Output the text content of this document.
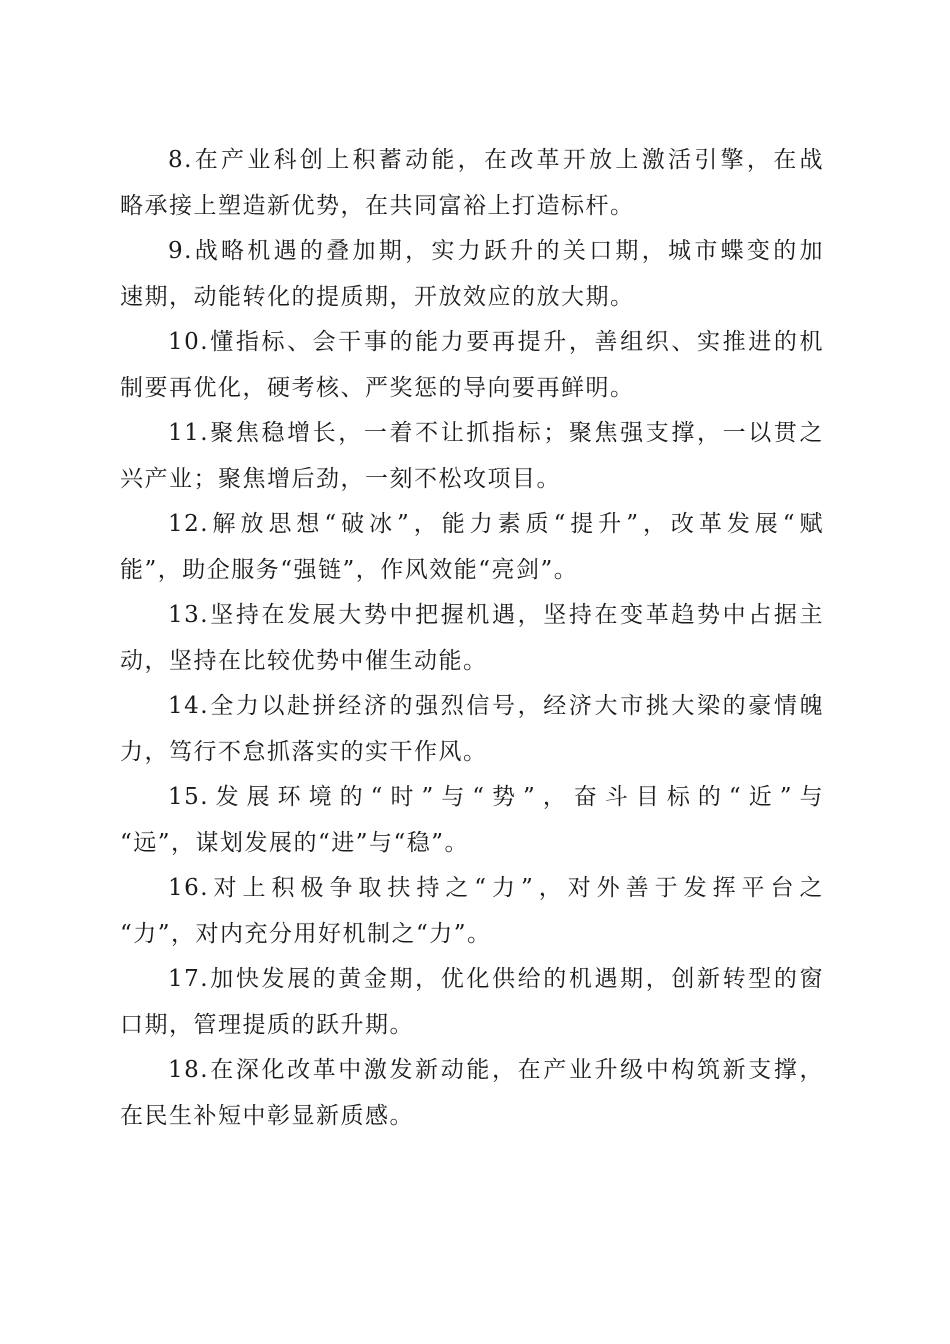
8.在产业科创上积蓄动能，在改革开放上激活引擎，在战
略承接上塑造新优势，在共同富裕上打造标杆。

9.战略机遇的叠加期，实力跃升的关口期，城市蝶变的加
速期，动能转化的提质期，开放效应的放大期。

10.懂指标、会干事的能力要再提升，善组织、实推进的机
制要再优化，硬考核、严奖惩的导向要再鲜明。

11.聚焦稳增长，一着不让抓指标；聚焦强支撑，一以贯之
兴产业；聚焦增后劲，一刻不松攻项目。

12.解放思想“破冰”，能力素质“提升”，改革发展“赋
能”，助企服务“强链”，作风效能“亮剑”。

13.坚持在发展大势中把握机遇，坚持在变革趋势中占据主
动，坚持在比较优势中催生动能。

14.全力以赴拼经济的强烈信号，经济大市挑大梁的豪情魄
力，笃行不怠抓落实的实干作风。

15.发展环境的“时”与“势”，奋斗目标的“近”与
“远”，谋划发展的“进”与“稳”。

16.对上积极争取扶持之“力”，对外善于发挥平台之
“力”，对内充分用好机制之“力”。

17.加快发展的黄金期，优化供给的机遇期，创新转型的窗
口期，管理提质的跃升期。

18.在深化改革中激发新动能，在产业升级中构筑新支撑，
在民生补短中彰显新质感。
